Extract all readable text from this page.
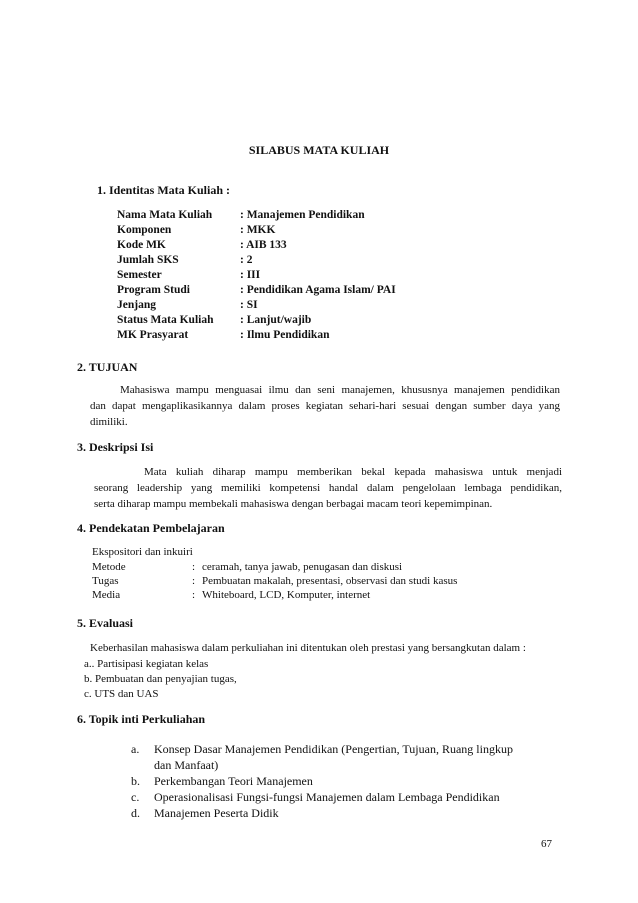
SILABUS MATA KULIAH
1. Identitas Mata Kuliah :
Nama Mata Kuliah : Manajemen Pendidikan
Komponen	: MKK
Kode MK	: AIB 133
Jumlah SKS	: 2
Semester	: III
Program Studi	: Pendidikan Agama Islam/ PAI
Jenjang	: SI
Status Mata Kuliah : Lanjut/wajib
MK Prasyarat	: Ilmu Pendidikan
2. TUJUAN
Mahasiswa mampu menguasai ilmu dan seni manajemen, khususnya manajemen pendidikan
dan dapat mengaplikasikannya dalam proses kegiatan sehari-hari sesuai dengan sumber daya yang
dimiliki.
3. Deskripsi Isi
Mata kuliah diharap mampu memberikan bekal kepada mahasiswa untuk menjadi
seorang leadership yang memiliki kompetensi handal dalam pengelolaan lembaga pendidikan,
serta diharap mampu membekali mahasiswa dengan berbagai macam teori kepemimpinan.
4. Pendekatan Pembelajaran
Ekspositori dan inkuiri
Metode	: ceramah, tanya jawab, penugasan dan diskusi
Tugas	: Pembuatan makalah, presentasi, observasi dan studi kasus
Media	: Whiteboard, LCD, Komputer, internet
5. Evaluasi
Keberhasilan mahasiswa dalam perkuliahan ini ditentukan oleh prestasi yang bersangkutan dalam :
a.. Partisipasi kegiatan kelas
b. Pembuatan dan penyajian tugas,
c. UTS dan UAS
6. Topik inti Perkuliahan
a. Konsep Dasar Manajemen Pendidikan (Pengertian, Tujuan, Ruang lingkup
dan Manfaat)
b. Perkembangan Teori Manajemen
c. Operasionalisasi Fungsi-fungsi Manajemen dalam Lembaga Pendidikan
d. Manajemen Peserta Didik
67
